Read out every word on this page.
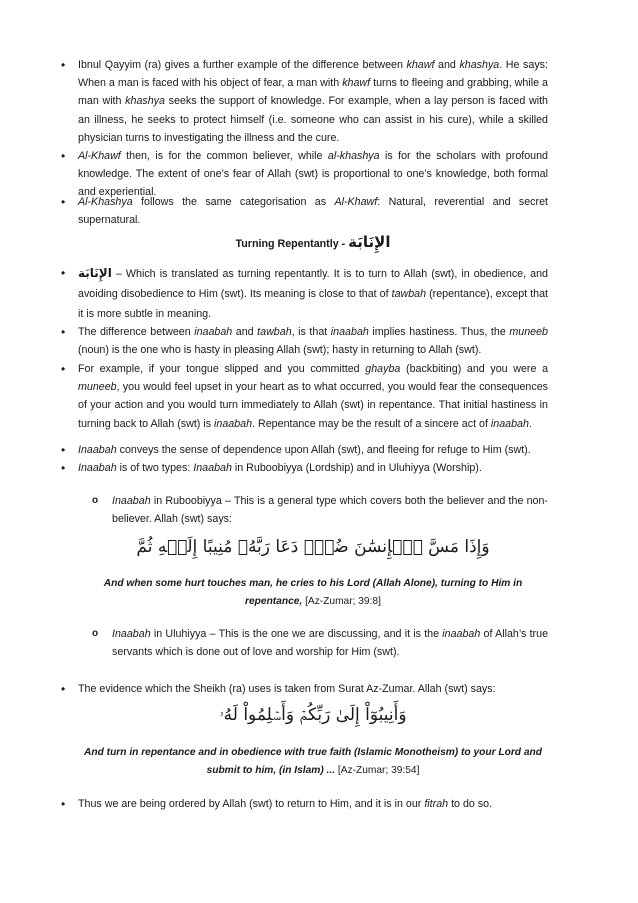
• Ibnul Qayyim (ra) gives a further example of the difference between khawf and khashya. He says: When a man is faced with his object of fear, a man with khawf turns to fleeing and grabbing, while a man with khashya seeks the support of knowledge. For example, when a lay person is faced with an illness, he seeks to protect himself (i.e. someone who can assist in his cure), while a skilled physician turns to investigating the illness and the cure.

• Al-Khawf then, is for the common believer, while al-khashya is for the scholars with profound knowledge. The extent of one’s fear of Allah (swt) is proportional to one’s knowledge, both formal and experiential.

• Al-Khashya follows the same categorisation as Al-Khawf: Natural, reverential and secret supernatural.

Turning Repentantly - الإِنَابَة

• الإِنَابَة – Which is translated as turning repentantly. It is to turn to Allah (swt), in obedience, and avoiding disobedience to Him (swt). Its meaning is close to that of tawbah (repentance), except that it is more subtle in meaning.

• The difference between inaabah and tawbah, is that inaabah implies hastiness. Thus, the muneeb (noun) is the one who is hasty in pleasing Allah (swt); hasty in returning to Allah (swt).

• For example, if your tongue slipped and you committed ghayba (backbiting) and you were a muneeb, you would feel upset in your heart as to what occurred, you would fear the consequences of your action and you would turn immediately to Allah (swt) in repentance. That initial hastiness in turning back to Allah (swt) is inaabah. Repentance may be the result of a sincere act of inaabah.

• Inaabah conveys the sense of dependence upon Allah (swt), and fleeing for refuge to Him (swt).

• Inaabah is of two types: Inaabah in Ruboobiyya (Lordship) and in Uluhiyya (Worship).

o Inaabah in Ruboobiyya – This is a general type which covers both the believer and the non-believer. Allah (swt) says:

وَإِذَا مَسَّ ٱلۡإِنسَٰنَ ضُرّٞ دَعَا رَبَّهُۥ مُنِيبًا إِلَيۡهِ ثُمَّ
And when some hurt touches man, he cries to his Lord (Allah Alone), turning to Him in repentance, [Az-Zumar; 39:8]

o Inaabah in Uluhiyya – This is the one we are discussing, and it is the inaabah of Allah’s true servants which is done out of love and worship for Him (swt).

• The evidence which the Sheikh (ra) uses is taken from Surat Az-Zumar. Allah (swt) says:

وَأَنِيبُوٓاْ إِلَىٰ رَبِّكُمۡ وَأَسۡلِمُواْ لَهُۥ
And turn in repentance and in obedience with true faith (Islamic Monotheism) to your Lord and submit to him, (in Islam) ... [Az-Zumar; 39:54]

• Thus we are being ordered by Allah (swt) to return to Him, and it is in our fitrah to do so.
